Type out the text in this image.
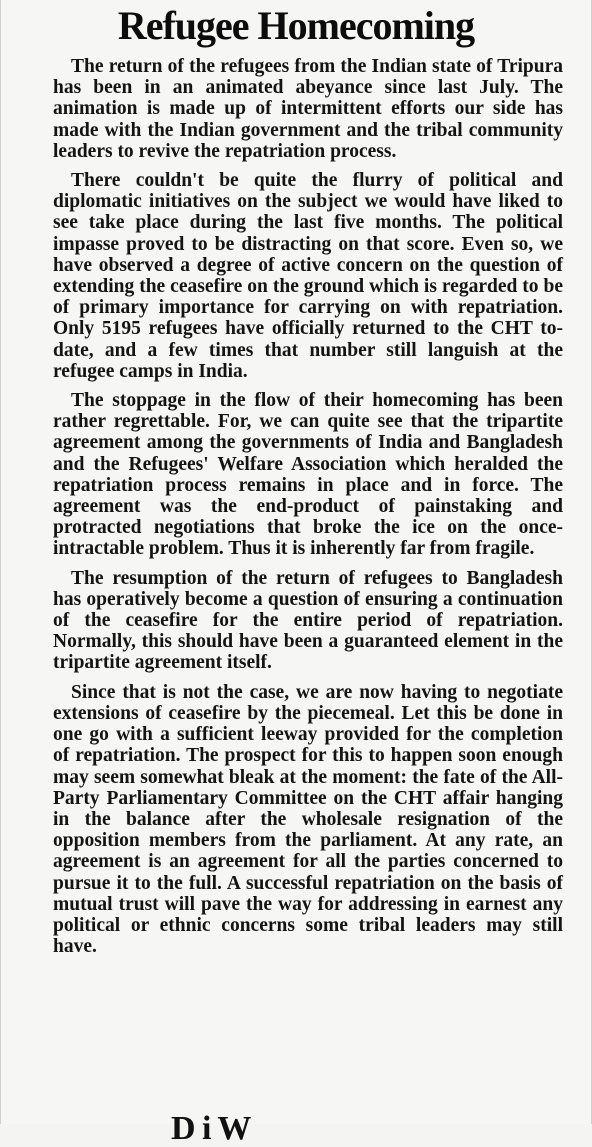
Refugee Homecoming

The return of the refugees from the Indian state of Tripura has been in an animated abeyance since last July. The animation is made up of intermittent efforts our side has made with the Indian government and the tribal community leaders to revive the repatriation process.

There couldn't be quite the flurry of political and diplomatic initiatives on the subject we would have liked to see take place during the last five months. The political impasse proved to be distracting on that score. Even so, we have observed a degree of active concern on the question of extending the ceasefire on the ground which is regarded to be of primary importance for carrying on with repatriation. Only 5195 refugees have officially returned to the CHT to-date, and a few times that number still languish at the refugee camps in India.

The stoppage in the flow of their homecoming has been rather regrettable. For, we can quite see that the tripartite agreement among the governments of India and Bangladesh and the Refugees' Welfare Association which heralded the repatriation process remains in place and in force. The agreement was the end-product of painstaking and protracted negotiations that broke the ice on the once-intractable problem. Thus it is inherently far from fragile.

The resumption of the return of refugees to Bangladesh has operatively become a question of ensuring a continuation of the ceasefire for the entire period of repatriation. Normally, this should have been a guaranteed element in the tripartite agreement itself.

Since that is not the case, we are now having to negotiate extensions of ceasefire by the piecemeal. Let this be done in one go with a sufficient leeway provided for the completion of repatriation. The prospect for this to happen soon enough may seem somewhat bleak at the moment: the fate of the All-Party Parliamentary Committee on the CHT affair hanging in the balance after the wholesale resignation of the opposition members from the parliament. At any rate, an agreement is an agreement for all the parties concerned to pursue it to the full. A successful repatriation on the basis of mutual trust will pave the way for addressing in earnest any political or ethnic concerns some tribal leaders may still have.

D i W
